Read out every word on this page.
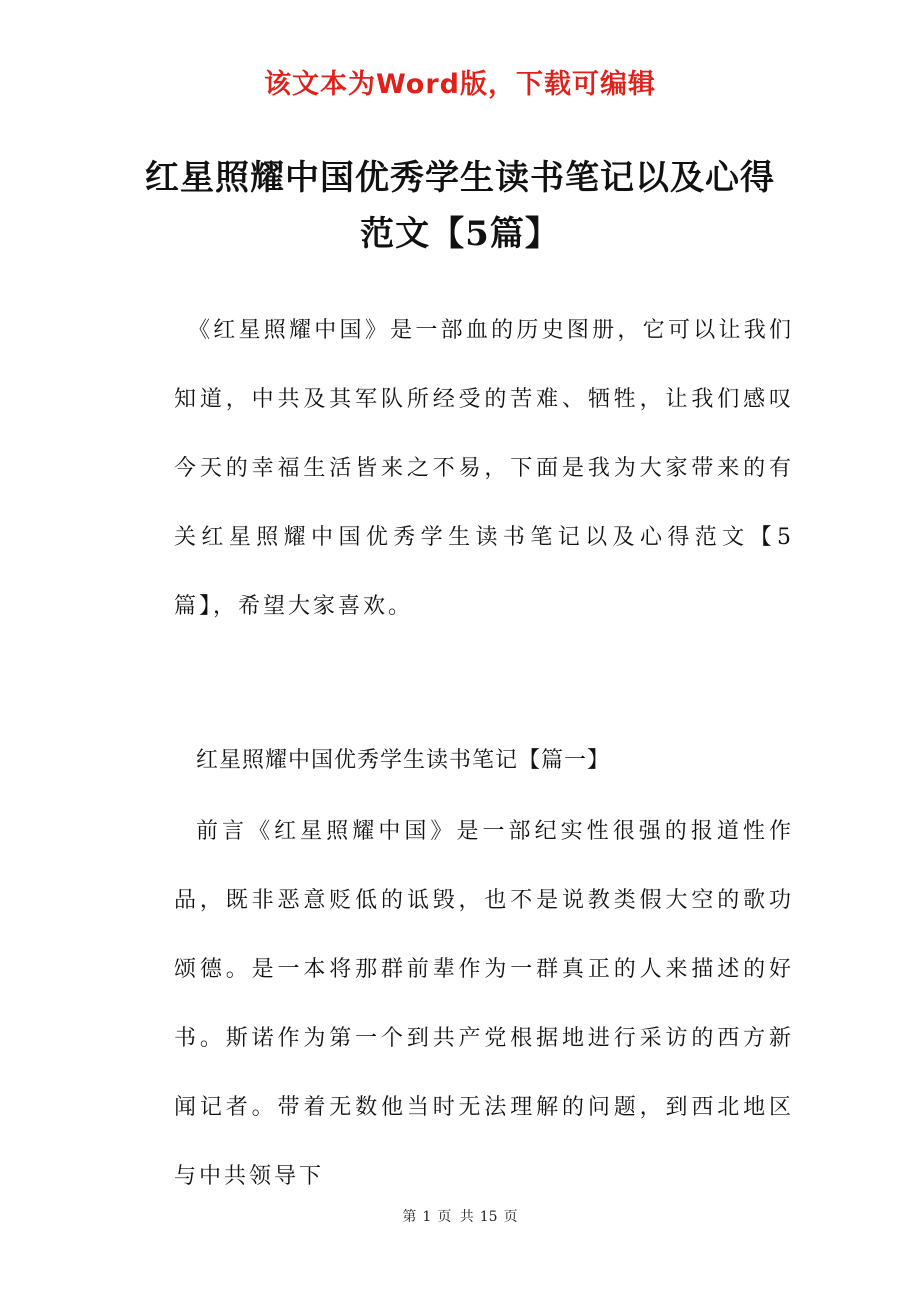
该文本为Word版，下载可编辑
红星照耀中国优秀学生读书笔记以及心得
范文【5篇】
《红星照耀中国》是一部血的历史图册，它可以让我们知道，中共及其军队所经受的苦难、牺牲，让我们感叹今天的幸福生活皆来之不易，下面是我为大家带来的有关红星照耀中国优秀学生读书笔记以及心得范文【5篇】，希望大家喜欢。
红星照耀中国优秀学生读书笔记【篇一】
前言《红星照耀中国》是一部纪实性很强的报道性作品，既非恶意贬低的诋毁，也不是说教类假大空的歌功颂德。是一本将那群前辈作为一群真正的人来描述的好书。斯诺作为第一个到共产党根据地进行采访的西方新闻记者。带着无数他当时无法理解的问题，到西北地区与中共领导下
第 1 页 共 15 页
